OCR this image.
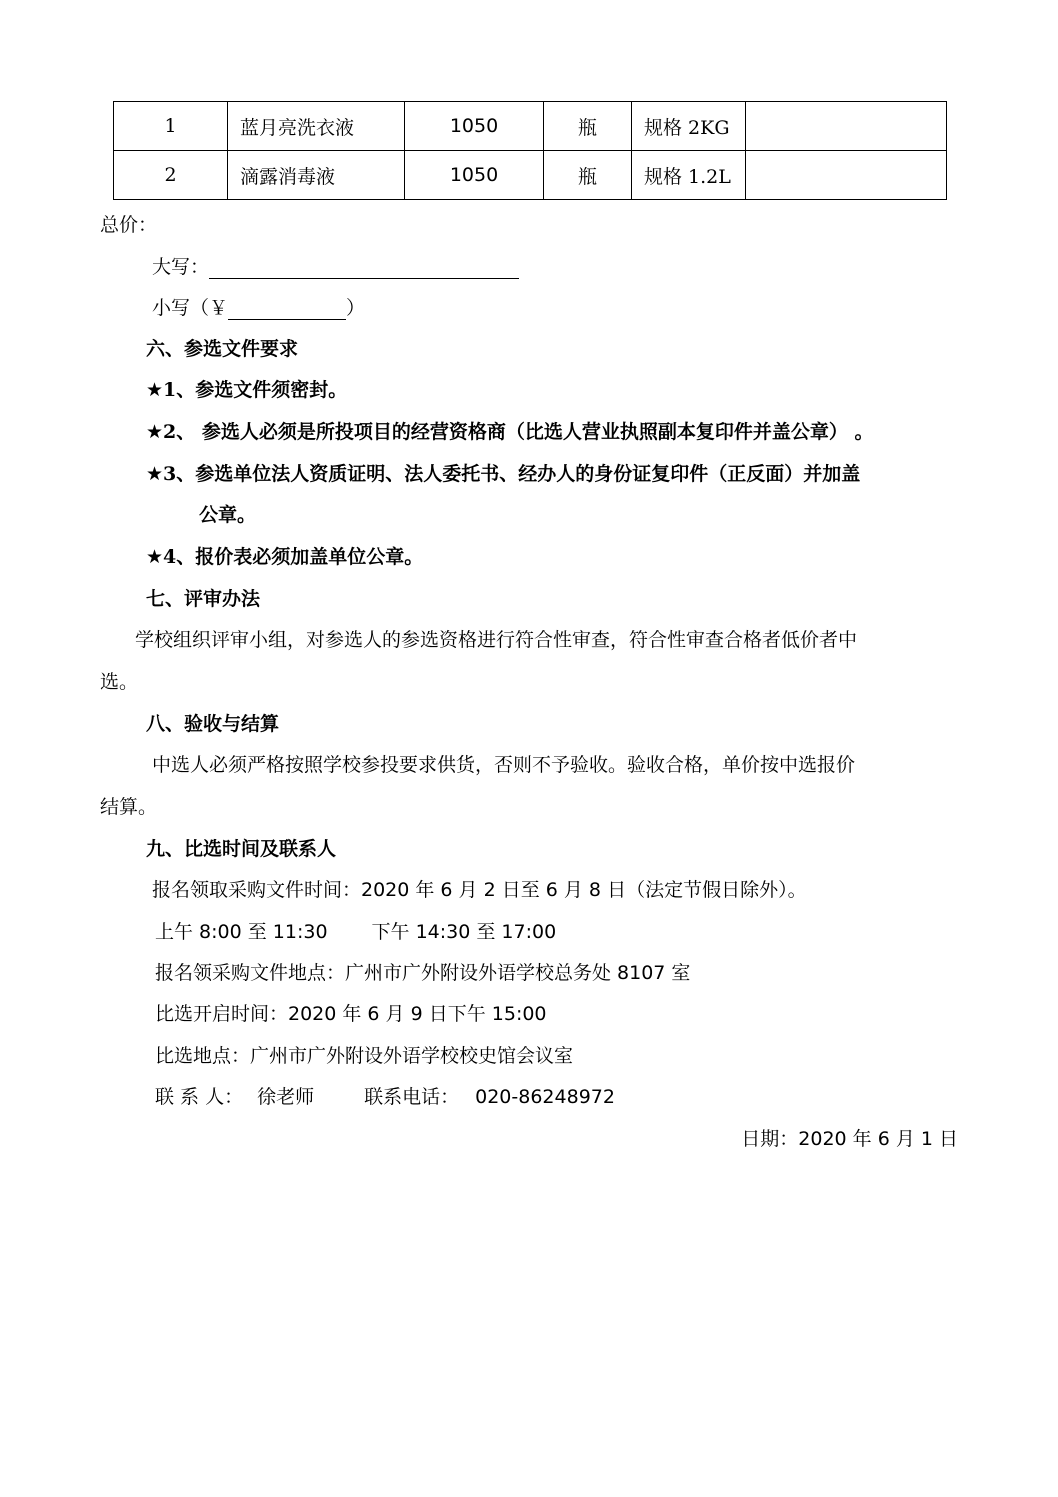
1	蓝月亮洗衣液	1050	瓶	规格 2KG	
2	滴露消毒液	1050	瓶	规格 1.2L	
总价：
大写：
小写（￥	）
六、参选文件要求
★1、参选文件须密封。
★2、 参选人必须是所投项目的经营资格商（比选人营业执照副本复印件并盖公章） 。
★3、参选单位法人资质证明、法人委托书、经办人的身份证复印件（正反面）并加盖
公章。
★4、报价表必须加盖单位公章。
七、评审办法
学校组织评审小组，对参选人的参选资格进行符合性审查，符合性审查合格者低价者中
选。
八、验收与结算
中选人必须严格按照学校参投要求供货，否则不予验收。验收合格，单价按中选报价
结算。
九、比选时间及联系人
报名领取采购文件时间：2020 年 6 月 2 日至 6 月 8 日（法定节假日除外）。
上午 8:00 至 11:30 下午 14:30 至 17:00
报名领采购文件地点：广州市广外附设外语学校总务处 8107 室
比选开启时间：2020 年 6 月 9 日下午 15:00
比选地点：广州市广外附设外语学校校史馆会议室
联 系 人： 徐老师	联系电话： 020-86248972
日期：2020 年 6 月 1 日
